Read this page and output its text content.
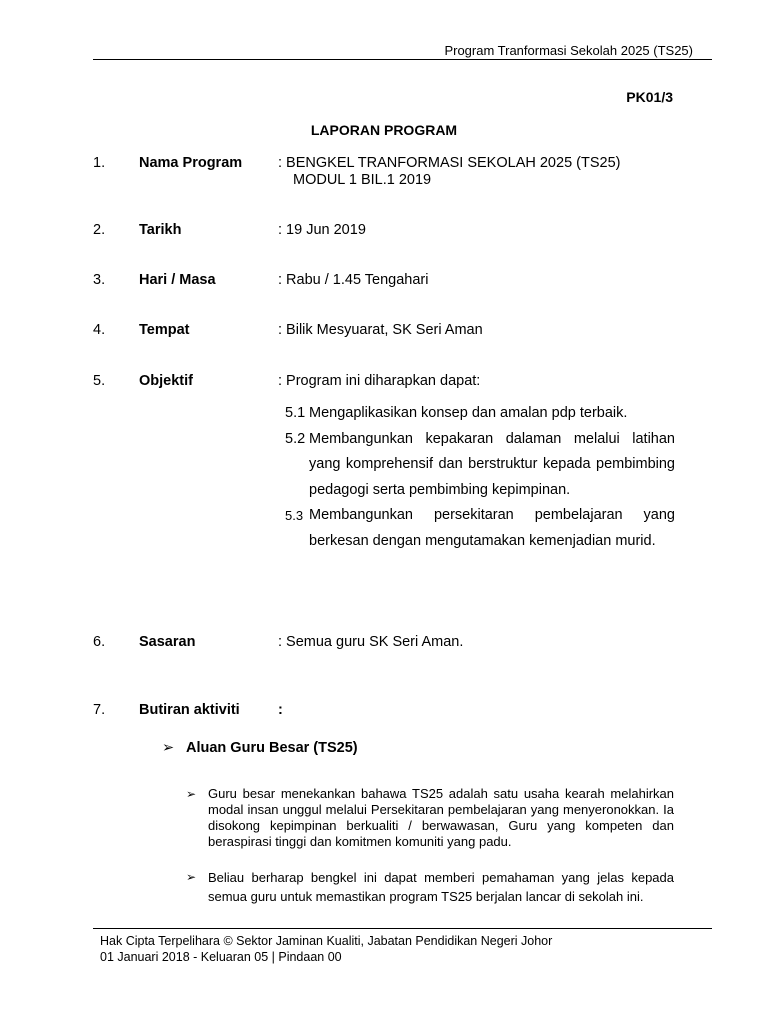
Program Tranformasi Sekolah 2025 (TS25)
PK01/3
LAPORAN PROGRAM
1. Nama Program : BENGKEL TRANFORMASI SEKOLAH 2025 (TS25)
MODUL 1 BIL.1 2019
2. Tarikh	: 19 Jun 2019
3. Hari / Masa	: Rabu / 1.45 Tengahari
4. Tempat	: Bilik Mesyuarat, SK Seri Aman
5. Objektif	: Program ini diharapkan dapat:
5.1 Mengaplikasikan konsep dan amalan pdp terbaik.
5.2 Membangunkan kepakaran dalaman melalui latihan yang komprehensif dan berstruktur kepada pembimbing pedagogi serta pembimbing kepimpinan.
5.3 Membangunkan persekitaran pembelajaran yang berkesan dengan mengutamakan kemenjadian murid.
6. Sasaran	: Semua guru SK Seri Aman.
7. Butiran aktiviti	:
➢ Aluan Guru Besar (TS25)
➢ Guru besar menekankan bahawa TS25 adalah satu usaha kearah melahirkan modal insan unggul melalui Persekitaran pembelajaran yang menyeronokkan. Ia disokong kepimpinan berkualiti / berwawasan, Guru yang kompeten dan beraspirasi tinggi dan komitmen komuniti yang padu.
➢ Beliau berharap bengkel ini dapat memberi pemahaman yang jelas kepada semua guru untuk memastikan program TS25 berjalan lancar di sekolah ini.
Hak Cipta Terpelihara © Sektor Jaminan Kualiti, Jabatan Pendidikan Negeri Johor
01 Januari 2018 - Keluaran 05 | Pindaan 00
